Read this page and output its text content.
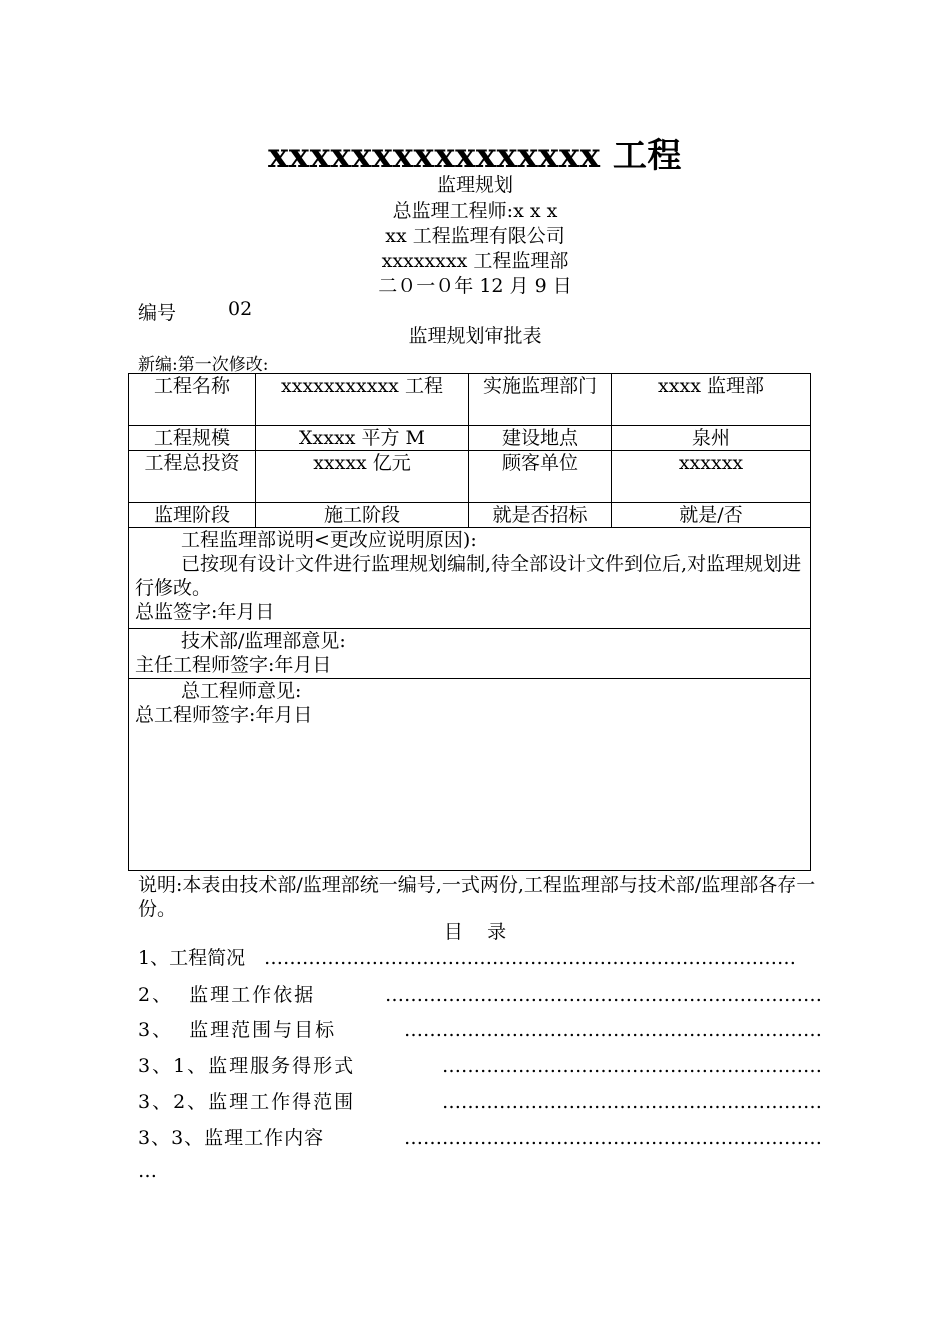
xxxxxxxxxxxxxxxx 工程
监理规划
总监理工程师:x x x
xx 工程监理有限公司
xxxxxxxx 工程监理部
二０一０年 12 月 9 日
编号	02
监理规划审批表
新编:第一次修改:
工程名称	xxxxxxxxxxx 工程	实施监理部门	xxxx 监理部
工程规模	Xxxxx 平方 M	建设地点	泉州
工程总投资	xxxxx 亿元	顾客单位	xxxxxx
监理阶段	施工阶段	就是否招标	就是/否

工程监理部说明<更改应说明原因):
已按现有设计文件进行监理规划编制,待全部设计文件到位后,对监理规划进行修改。
总监签字:年月日			

技术部/监理部意见:
主任工程师签字:年月日			

总工程师意见:
总工程师签字:年月日			
说明:本表由技术部/监理部统一编号,一式两份,工程监理部与技术部/监理部各存一份。
目    录
1、工程简况 …………………………………………………………………………
2、  监理工作依据	……………………………………………………………
3、  监理范围与目标	…………………………………………………………
3、1、监理服务得形式	……………………………………………………
3、2、监理工作得范围	……………………………………………………
3、3、监理工作内容	…………………………………………………………
…
